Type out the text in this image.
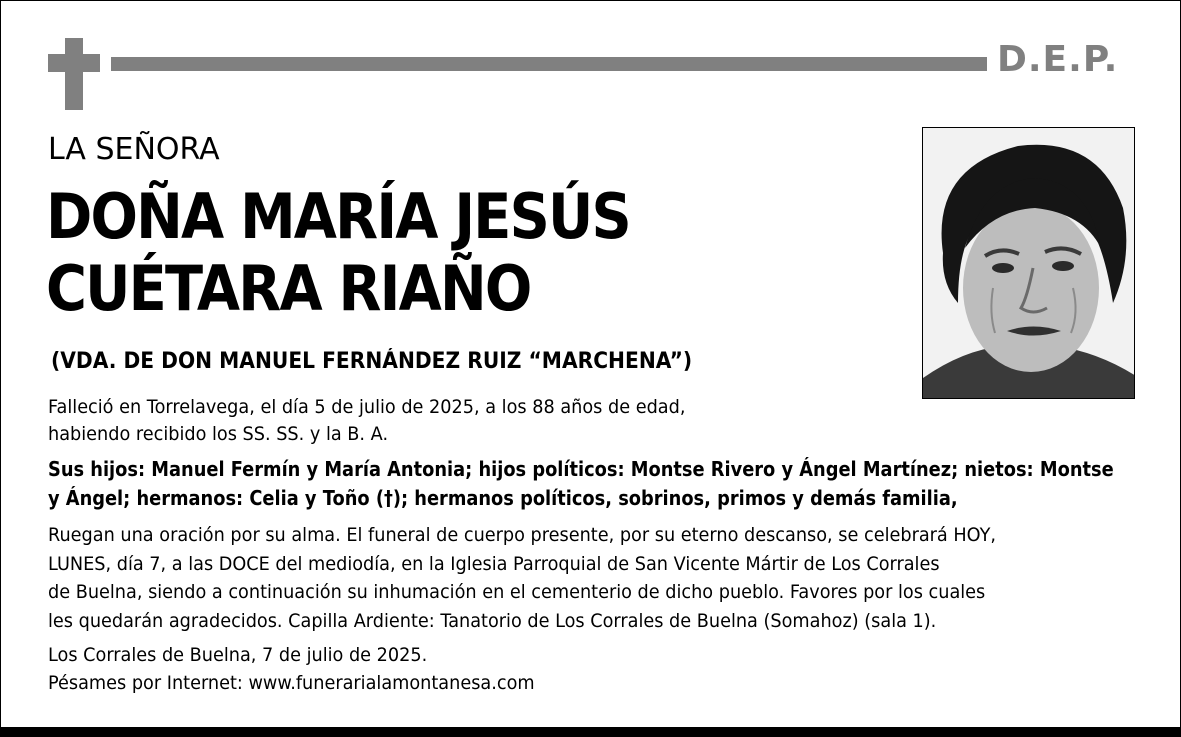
D.E.P.
LA SEÑORA
DOÑA MARÍA JESÚS
CUÉTARA RIAÑO
(VDA. DE DON MANUEL FERNÁNDEZ RUIZ “MARCHENA”)
Falleció en Torrelavega, el día 5 de julio de 2025, a los 88 años de edad,
habiendo recibido los SS. SS. y la B. A.
Sus hijos: Manuel Fermín y María Antonia; hijos políticos: Montse Rivero y Ángel Martínez; nietos: Montse
y Ángel; hermanos: Celia y Toño (†); hermanos políticos, sobrinos, primos y demás familia,
Ruegan una oración por su alma. El funeral de cuerpo presente, por su eterno descanso, se celebrará HOY,
LUNES, día 7, a las DOCE del mediodía, en la Iglesia Parroquial de San Vicente Mártir de Los Corrales
de Buelna, siendo a continuación su inhumación en el cementerio de dicho pueblo. Favores por los cuales
les quedarán agradecidos. Capilla Ardiente: Tanatorio de Los Corrales de Buelna (Somahoz) (sala 1).
Los Corrales de Buelna, 7 de julio de 2025.
Pésames por Internet: www.funerarialamontanesa.com
